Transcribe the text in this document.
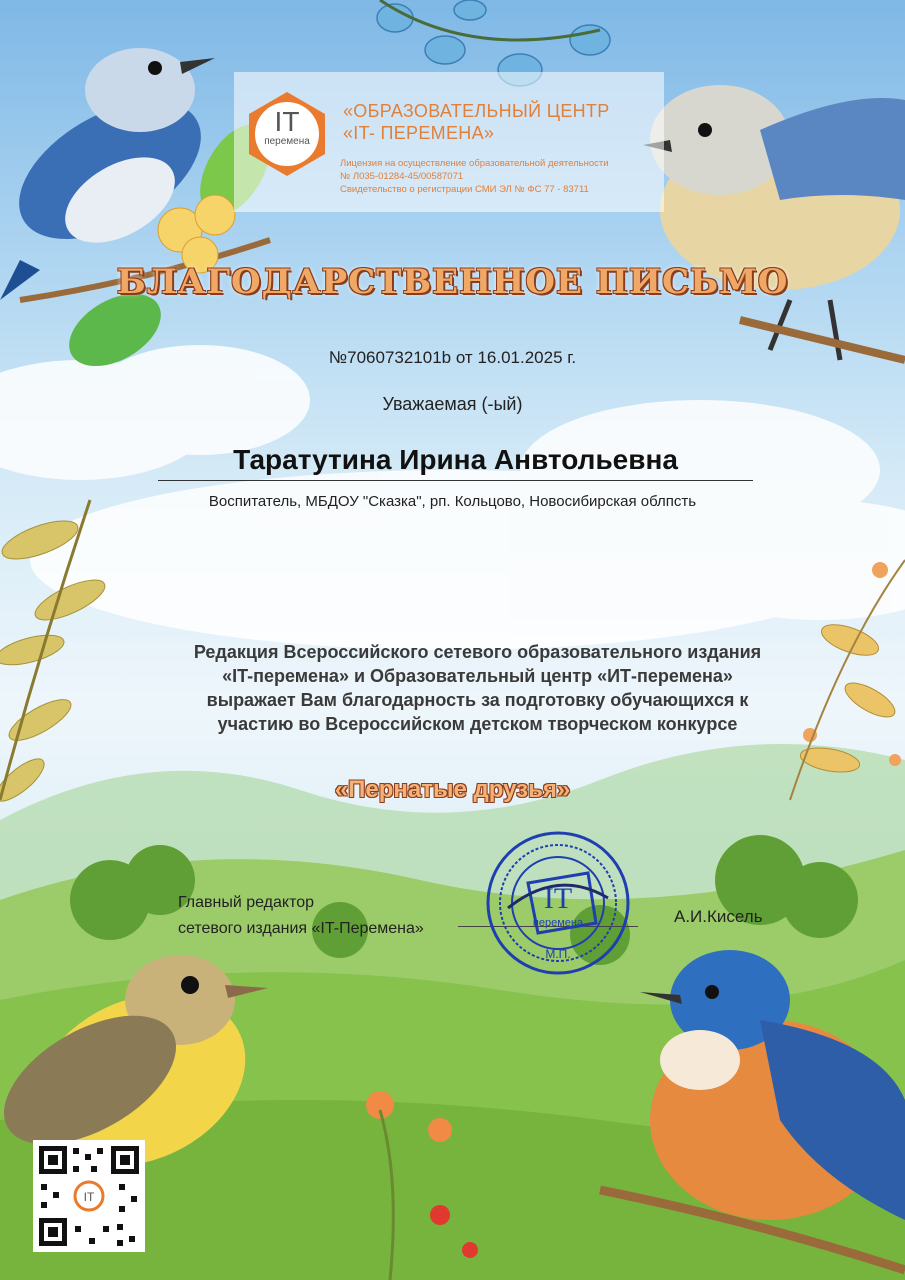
IT
перемена
«ОБРАЗОВАТЕЛЬНЫЙ ЦЕНТР
«IT- ПЕРЕМЕНА»
Лицензия на осуществление образовательной деятельности
№ Л035-01284-45/00587071
Свидетельство о регистрации СМИ ЭЛ № ФС 77 - 83711
БЛАГОДАРСТВЕННОЕ ПИСЬМО
№7060732101b от 16.01.2025 г.
Уважаемая (-ый)
Таратутина Ирина Анвтольевна
Воспитатель, МБДОУ "Сказка", рп. Кольцово, Новосибирская облпсть
Редакция Всероссийского сетевого образовательного издания
«IT-перемена» и Образовательный центр «ИТ-перемена»
выражает Вам благодарность за подготовку обучающихся к
участию во Всероссийском детском творческом конкурсе
«Пернатые друзья»
Главный редактор
сетевого издания «IT-Перемена»
IT
перемена
М.П.
А.И.Кисель
IT
